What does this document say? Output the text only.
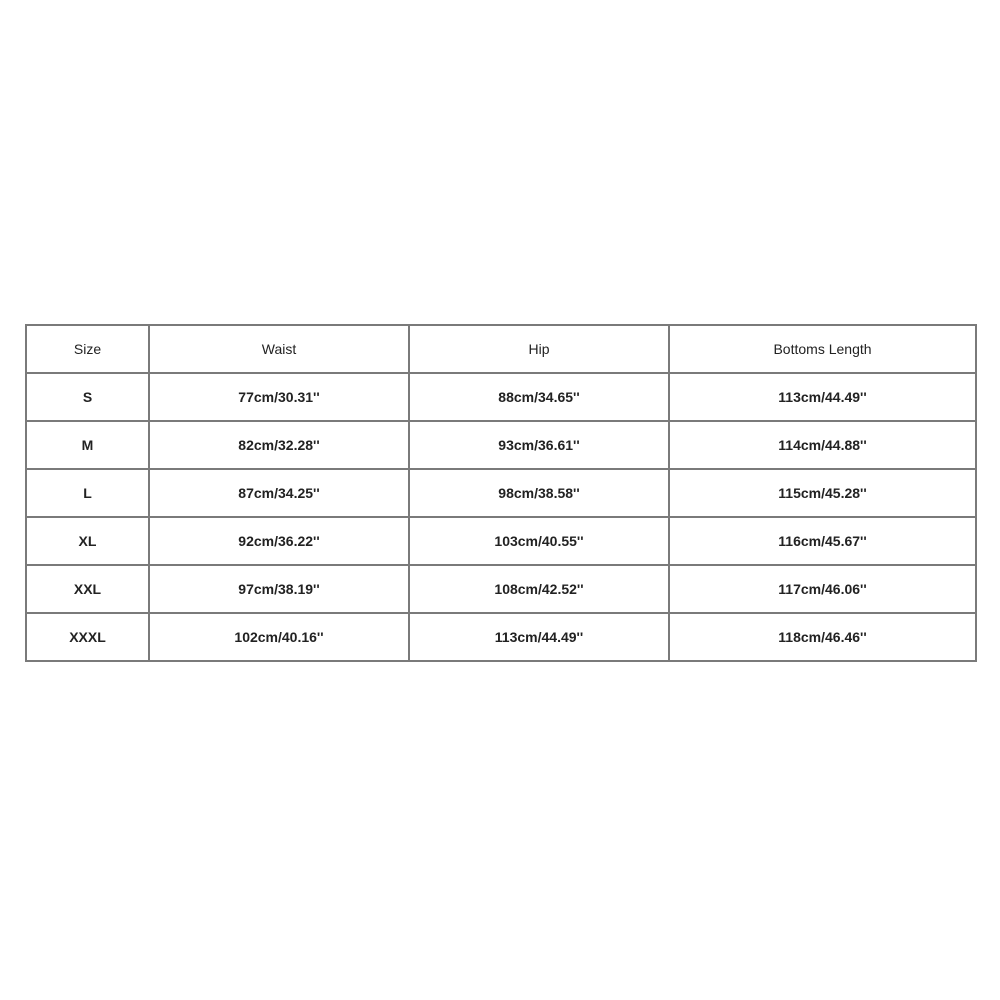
Size	Waist	Hip	Bottoms Length
S	77cm/30.31''	88cm/34.65''	113cm/44.49''
M	82cm/32.28''	93cm/36.61''	114cm/44.88''
L	87cm/34.25''	98cm/38.58''	115cm/45.28''
XL	92cm/36.22''	103cm/40.55''	116cm/45.67''
XXL	97cm/38.19''	108cm/42.52''	117cm/46.06''
XXXL	102cm/40.16''	113cm/44.49''	118cm/46.46''
